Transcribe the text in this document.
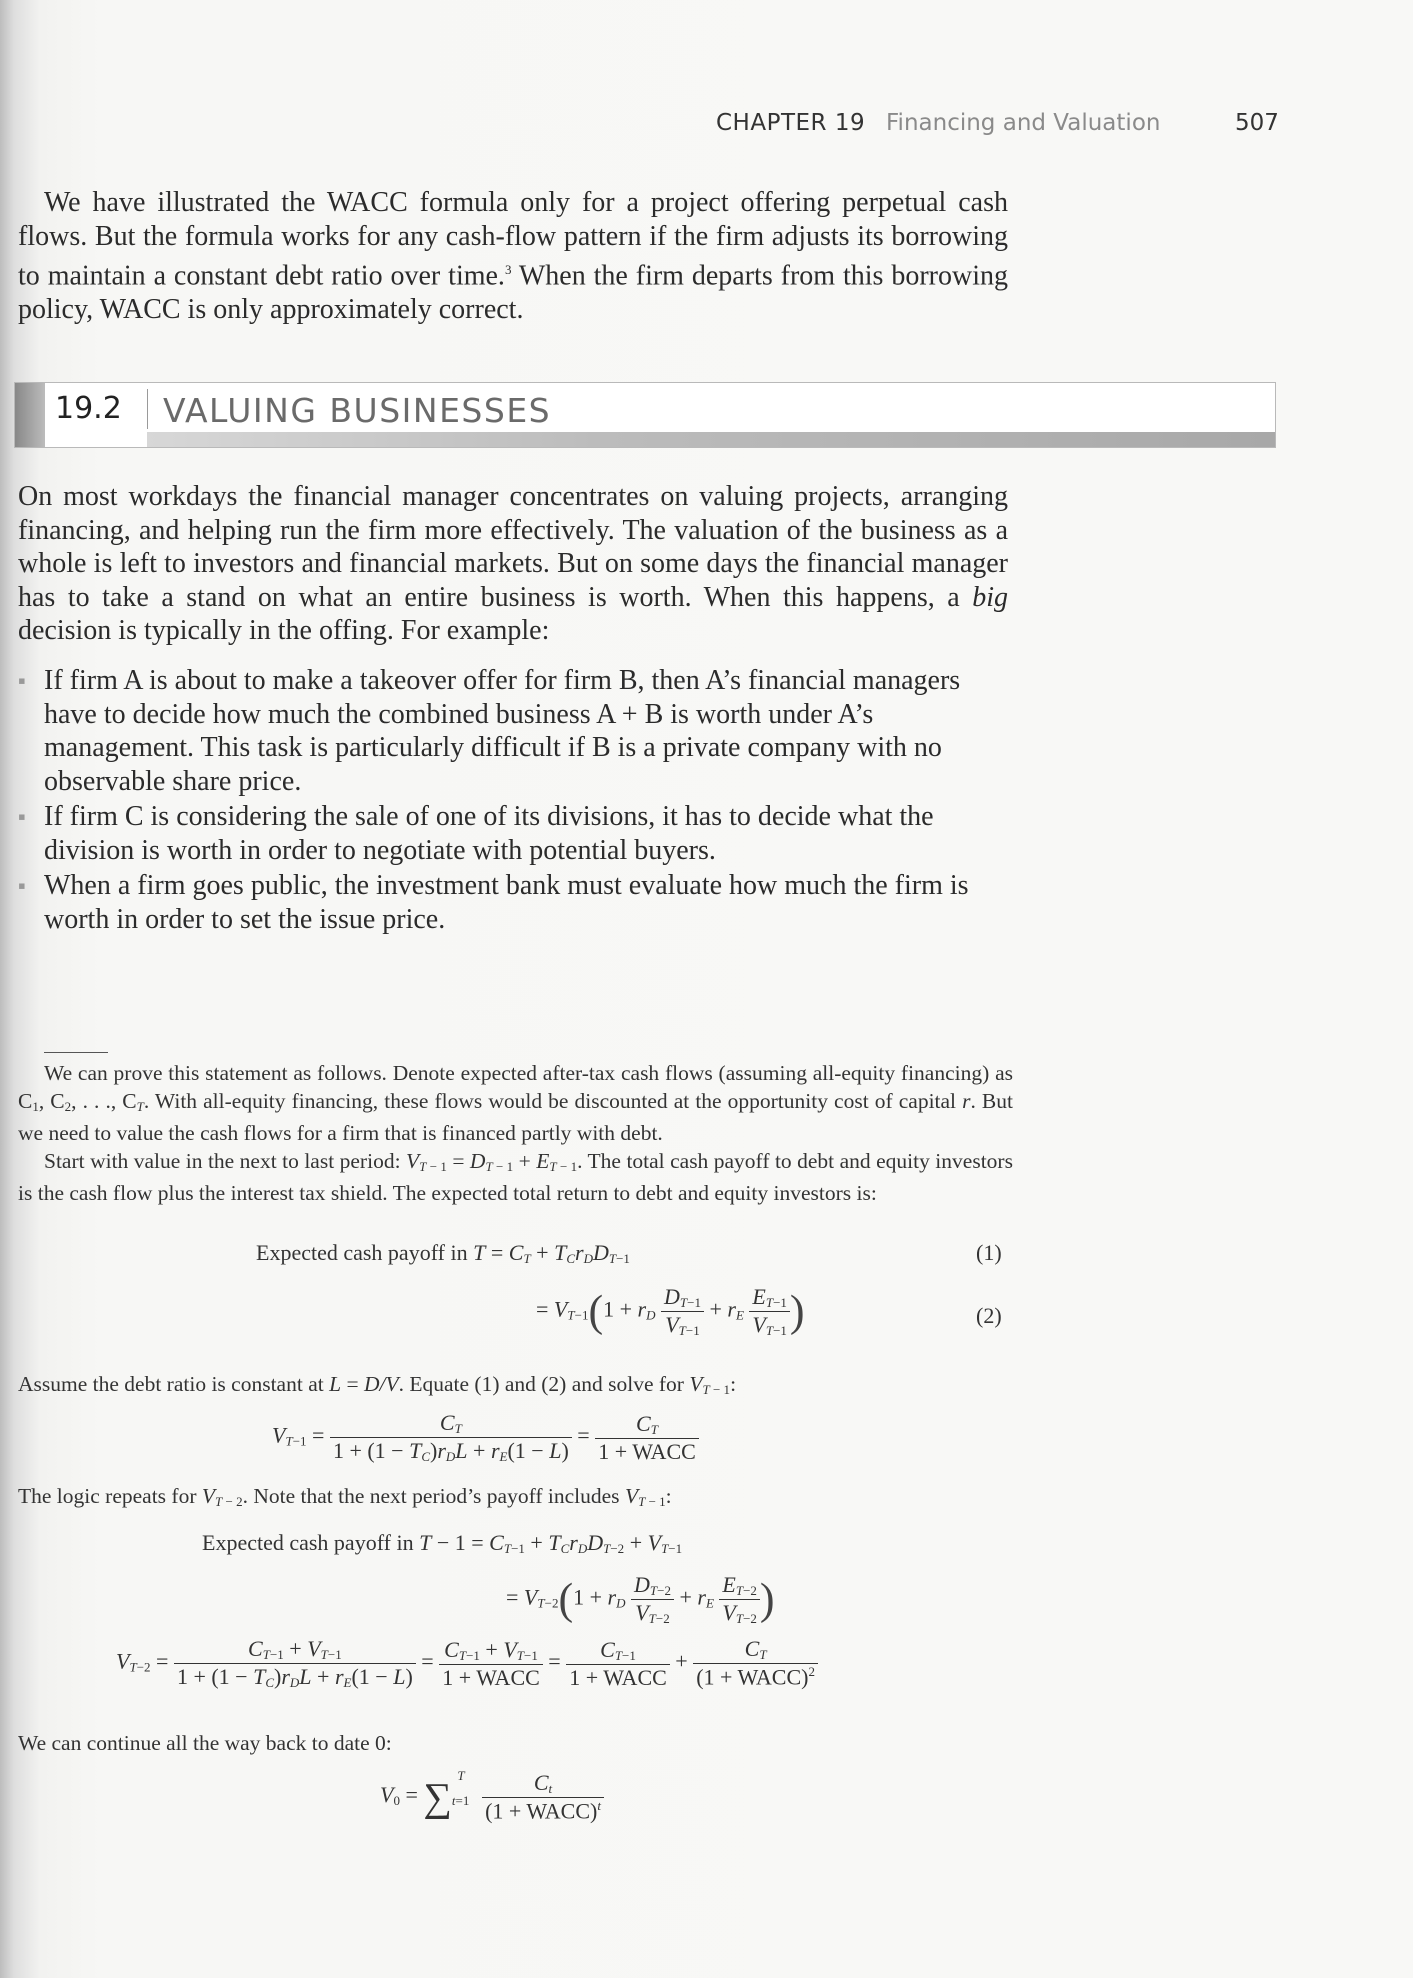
CHAPTER 19 Financing and Valuation	507

We have illustrated the WACC formula only for a project offering perpetual cash flows. But the formula works for any cash-flow pattern if the firm adjusts its borrowing to maintain a constant debt ratio over time.$^3$ When the firm departs from this borrowing policy, WACC is only approximately correct.

19.2 VALUING BUSINESSES

On most workdays the financial manager concentrates on valuing projects, arranging financing, and helping run the firm more effectively. The valuation of the business as a whole is left to investors and financial markets. But on some days the financial manager has to take a stand on what an entire business is worth. When this happens, a big decision is typically in the offing. For example:

▪ If firm A is about to make a takeover offer for firm B, then A’s financial managers have to decide how much the combined business A + B is worth under A’s management. This task is particularly difficult if B is a private company with no observable share price.
▪ If firm C is considering the sale of one of its divisions, it has to decide what the division is worth in order to negotiate with potential buyers.
▪ When a firm goes public, the investment bank must evaluate how much the firm is worth in order to set the issue price.

We can prove this statement as follows. Denote expected after-tax cash flows (assuming all-equity financing) as $C_1$, $C_2$, . . ., $C_T$. With all-equity financing, these flows would be discounted at the opportunity cost of capital r. But we need to value the cash flows for a firm that is financed partly with debt.

Start with value in the next to last period: $V_{T - 1} = D_{T - 1} + E_{T - 1}$. The total cash payoff to debt and equity investors is the cash flow plus the interest tax shield. The expected total return to debt and equity investors is:

Expected cash payoff in $T = C_T + T_Cr_DD_{T-1}$	(1)
= $V_{T-1}(1 + r_D \frac{D_{T-1}}{V_{T-1}} + r_E \frac{E_{T-1}}{V_{T-1}}$ )	(2)
Assume the debt ratio is constant at L = D/V. Equate (1) and (2) and solve for $V_{T - 1}$:
$V_{T-1} = \frac{C_T}{1 + (1 - T_C)r_DL + r_E(1 - L)} = \frac{C_T}{\text{1 + WACC}}$
The logic repeats for $V_{T - 2}$. Note that the next period’s payoff includes $V_{T - 1}$:
Expected cash payoff in $T - 1 = C_{T-1} + T_Cr_DD_{T-2} + V_{T-1}$
= $V_{T-2}(1 + r_D \frac{D_{T-2}}{V_{T-2}} + r_E \frac{E_{T-2}}{V_{T-2}}$ )
$V_{T-2} = \frac{C_{T-1} + V_{T-1}}{1 + (1 - T_C)r_DL + r_E(1 - L)} = \frac{C_{T-1} + V_{T-1}}{\text{1 + WACC}} = \frac{C_{T-1}}{\text{1 + WACC}} + \frac{C_T}{(1 + WACC)^2}$
We can continue all the way back to date 0:
$V_0 = \sum_{t=1}^T \frac{C_t}{(1 + WACC)^t}$
